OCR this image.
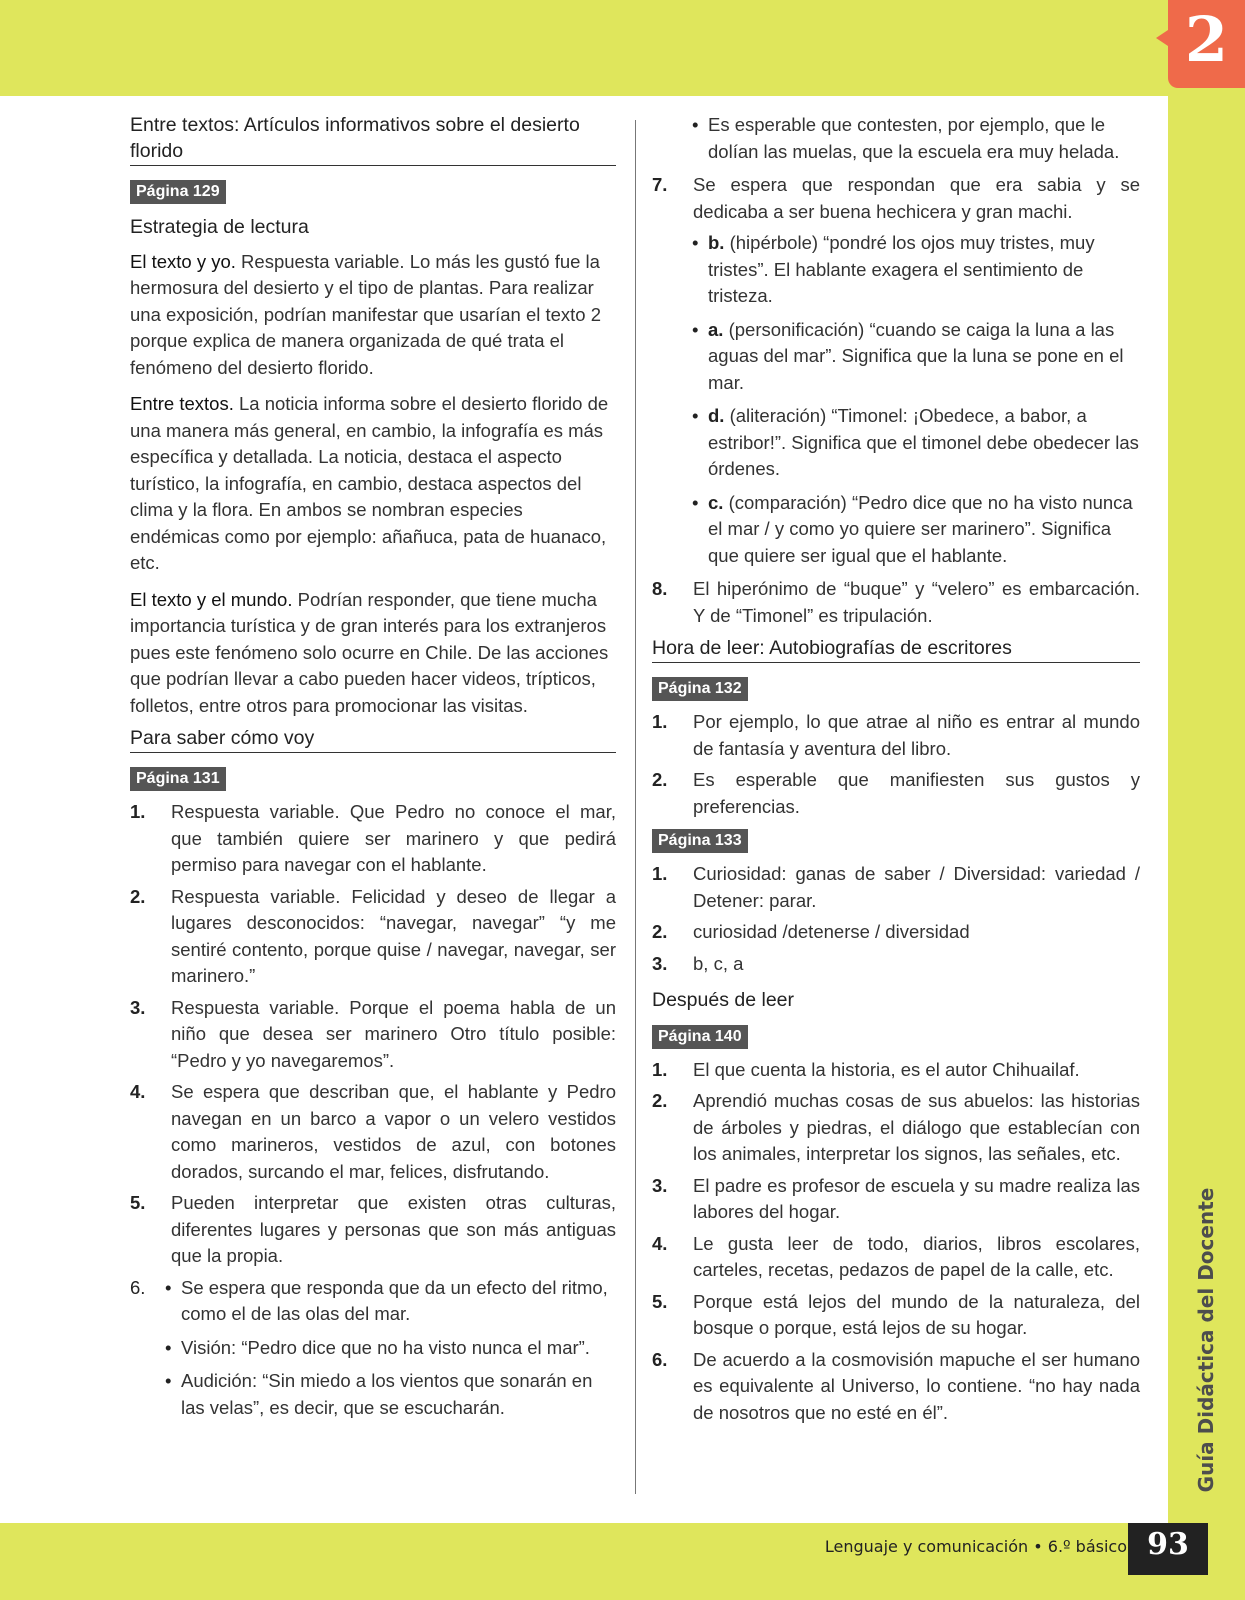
2
Guía Didáctica del Docente
Lenguaje y comunicación • 6.º básico 93
Entre textos: Artículos informativos sobre el desierto florido
Página 129
Estrategia de lectura

El texto y yo. Respuesta variable. Lo más les gustó fue la hermosura del desierto y el tipo de plantas. Para realizar una exposición, podrían manifestar que usarían el texto 2 porque explica de manera organizada de qué trata el fenómeno del desierto florido.

Entre textos. La noticia informa sobre el desierto florido de una manera más general, en cambio, la infografía es más específica y detallada. La noticia, destaca el aspecto turístico, la infografía, en cambio, destaca aspectos del clima y la flora. En ambos se nombran especies endémicas como por ejemplo: añañuca, pata de huanaco, etc.

El texto y el mundo. Podrían responder, que tiene mucha importancia turística y de gran interés para los extranjeros pues este fenómeno solo ocurre en Chile. De las acciones que podrían llevar a cabo pueden hacer videos, trípticos, folletos, entre otros para promocionar las visitas.

Para saber cómo voy
Página 131
1. Respuesta variable. Que Pedro no conoce el mar, que también quiere ser marinero y que pedirá permiso para navegar con el hablante.
2. Respuesta variable. Felicidad y deseo de llegar a lugares desconocidos: “navegar, navegar” “y me sentiré contento, porque quise / navegar, navegar, ser marinero.”
3. Respuesta variable. Porque el poema habla de un niño que desea ser marinero Otro título posible: “Pedro y yo navegaremos”.
4. Se espera que describan que, el hablante y Pedro navegan en un barco a vapor o un velero vestidos como marineros, vestidos de azul, con botones dorados, surcando el mar, felices, disfrutando.
5. Pueden interpretar que existen otras culturas, diferentes lugares y personas que son más antiguas que la propia.
6.
•	Se espera que responda que da un efecto del ritmo, como el de las olas del mar.
• Visión: “Pedro dice que no ha visto nunca el mar”.
• Audición: “Sin miedo a los vientos que sonarán en las velas”, es decir, que se escucharán.
• Es esperable que contesten, por ejemplo, que le dolían las muelas, que la escuela era muy helada.
7. Se espera que respondan que era sabia y se dedicaba a ser buena hechicera y gran machi.
• b. (hipérbole) “pondré los ojos muy tristes, muy tristes”. El hablante exagera el sentimiento de tristeza.
• a. (personificación) “cuando se caiga la luna a las aguas del mar”. Significa que la luna se pone en el mar.
• d. (aliteración) “Timonel: ¡Obedece, a babor, a estribor!”. Significa que el timonel debe obedecer las órdenes.
• c. (comparación) “Pedro dice que no ha visto nunca el mar / y como yo quiere ser marinero”. Significa que quiere ser igual que el hablante.
8. El hiperónimo de “buque” y “velero” es embarcación. Y de “Timonel” es tripulación.
Hora de leer: Autobiografías de escritores
Página 132
1. Por ejemplo, lo que atrae al niño es entrar al mundo de fantasía y aventura del libro.
2. Es esperable que manifiesten sus gustos y preferencias.
Página 133
1. Curiosidad: ganas de saber / Diversidad: variedad / Detener: parar.
2. curiosidad /detenerse / diversidad
3. b, c, a
Después de leer
Página 140
1. El que cuenta la historia, es el autor Chihuailaf.
2. Aprendió muchas cosas de sus abuelos: las historias de árboles y piedras, el diálogo que establecían con los animales, interpretar los signos, las señales, etc.
3. El padre es profesor de escuela y su madre realiza las labores del hogar.
4. Le gusta leer de todo, diarios, libros escolares, carteles, recetas, pedazos de papel de la calle, etc.
5. Porque está lejos del mundo de la naturaleza, del bosque o porque, está lejos de su hogar.
6. De acuerdo a la cosmovisión mapuche el ser humano es equivalente al Universo, lo contiene. “no hay nada de nosotros que no esté en él”.
